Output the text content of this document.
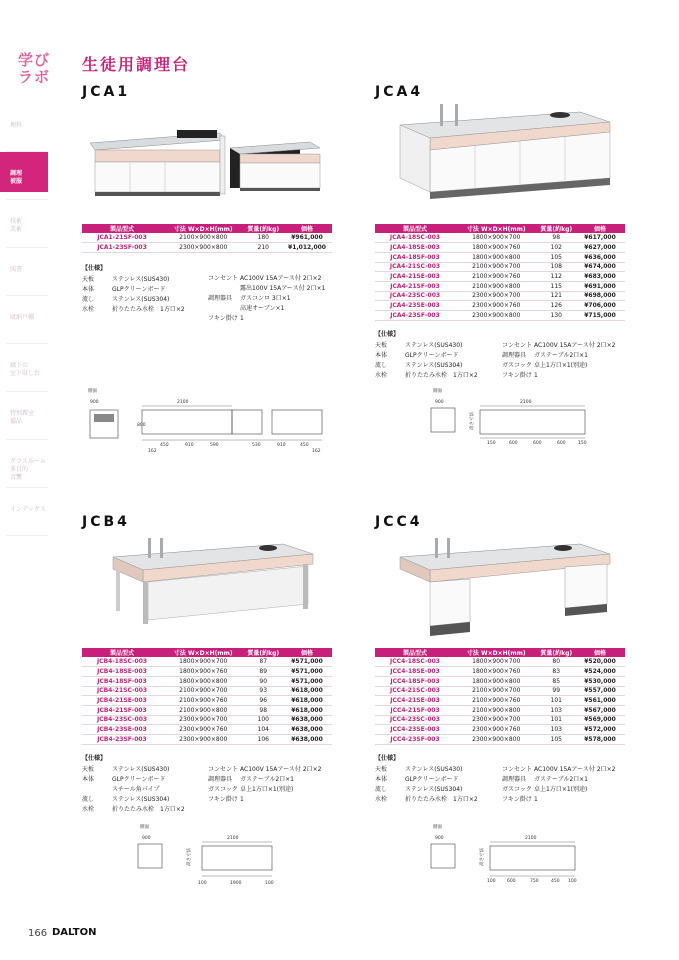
学び
ラボ
生徒用調理台
理科
調理
被服
技術
美術
図書
収納戸棚
廊下の
室下収し台
特別教室
備品
クラスルーム
多目的
音響
インデックス
JCA1
製品型式	寸法 W×D×H(mm)	質量(約kg)	価格
JCA1-21SF-003	2100×900×800	180	¥961,000
JCA1-23SF-003	2300×900×800	210	¥1,012,000
【仕様】
天板	ステンレス(SUS430)
本体	GLPクリーンボード
流し	ステンレス(SUS304)
水栓	折りたたみ水栓　1方口×2
コンセント AC100V 15Aアース付 2口×2
露出100V 15Aアース付 2口×1
調理器具	ガスコンロ 3口×1
高速オーブン×1
フキン掛け 1
側面
900	2100
800
450	910	590	530	910	450
162	162
JCA4
製品型式	寸法 W×D×H(mm)	質量(約kg)	価格
JCA4-18SC-003	1800×900×700	98	¥617,000
JCA4-18SE-003	1800×900×760	102	¥627,000
JCA4-18SF-003	1800×900×800	105	¥636,000
JCA4-21SC-003	2100×900×700	108	¥674,000
JCA4-21SE-003	2100×900×760	112	¥683,000
JCA4-21SF-003	2100×900×800	115	¥691,000
JCA4-23SC-003	2300×900×700	121	¥698,000
JCA4-23SE-003	2300×900×760	126	¥706,000
JCA4-23SF-003	2300×900×800	130	¥715,000
【仕様】
天板	ステンレス(SUS430)
本体	GLPクリーンボード
流し	ステンレス(SUS304)
水栓	折りたたみ水栓　1方口×2
コンセント AC100V 15Aアース付 2口×2
調理器具	ガステーブル2口×1
ガスコック 卓上1方口×1(別途)
フキン掛け 1
側面
900	2100
高さ寸法
150	600	600	600	150
JCB4
製品型式	寸法 W×D×H(mm)	質量(約kg)	価格
JCB4-18SC-003	1800×900×700	87	¥571,000
JCB4-18SE-003	1800×900×760	89	¥571,000
JCB4-18SF-003	1800×900×800	90	¥571,000
JCB4-21SC-003	2100×900×700	93	¥618,000
JCB4-21SE-003	2100×900×760	96	¥618,000
JCB4-21SF-003	2100×900×800	98	¥618,000
JCB4-23SC-003	2300×900×700	100	¥638,000
JCB4-23SE-003	2300×900×760	104	¥638,000
JCB4-23SF-003	2300×900×800	106	¥638,000
【仕様】
天板	ステンレス(SUS430)
本体	GLPクリーンボード
スチール角パイプ
流し	ステンレス(SUS304)
水栓	折りたたみ水栓　1方口×2
コンセント AC100V 15Aアース付 2口×2
調理器具	ガステーブル2口×1
ガスコック 卓上1方口×1(別途)
フキン掛け 1
側面
900	2100
高さ寸法
100	1900	100
JCC4
製品型式	寸法 W×D×H(mm)	質量(約kg)	価格
JCC4-18SC-003	1800×900×700	80	¥520,000
JCC4-18SE-003	1800×900×760	83	¥524,000
JCC4-18SF-003	1800×900×800	85	¥530,000
JCC4-21SC-003	2100×900×700	99	¥557,000
JCC4-21SE-003	2100×900×760	101	¥561,000
JCC4-21SF-003	2100×900×800	103	¥567,000
JCC4-23SC-003	2300×900×700	101	¥569,000
JCC4-23SE-003	2300×900×760	103	¥572,000
JCC4-23SF-003	2300×900×800	105	¥578,000
【仕様】
天板	ステンレス(SUS430)
本体	GLPクリーンボード
流し	ステンレス(SUS304)
水栓	折りたたみ水栓　1方口×2
コンセント AC100V 15Aアース付 2口×2
調理器具	ガステーブル2口×1
ガスコック 卓上1方口×1(別途)
フキン掛け 1
側面
900	2100
高さ寸法
100	600	750	450 100
166 DALTON
